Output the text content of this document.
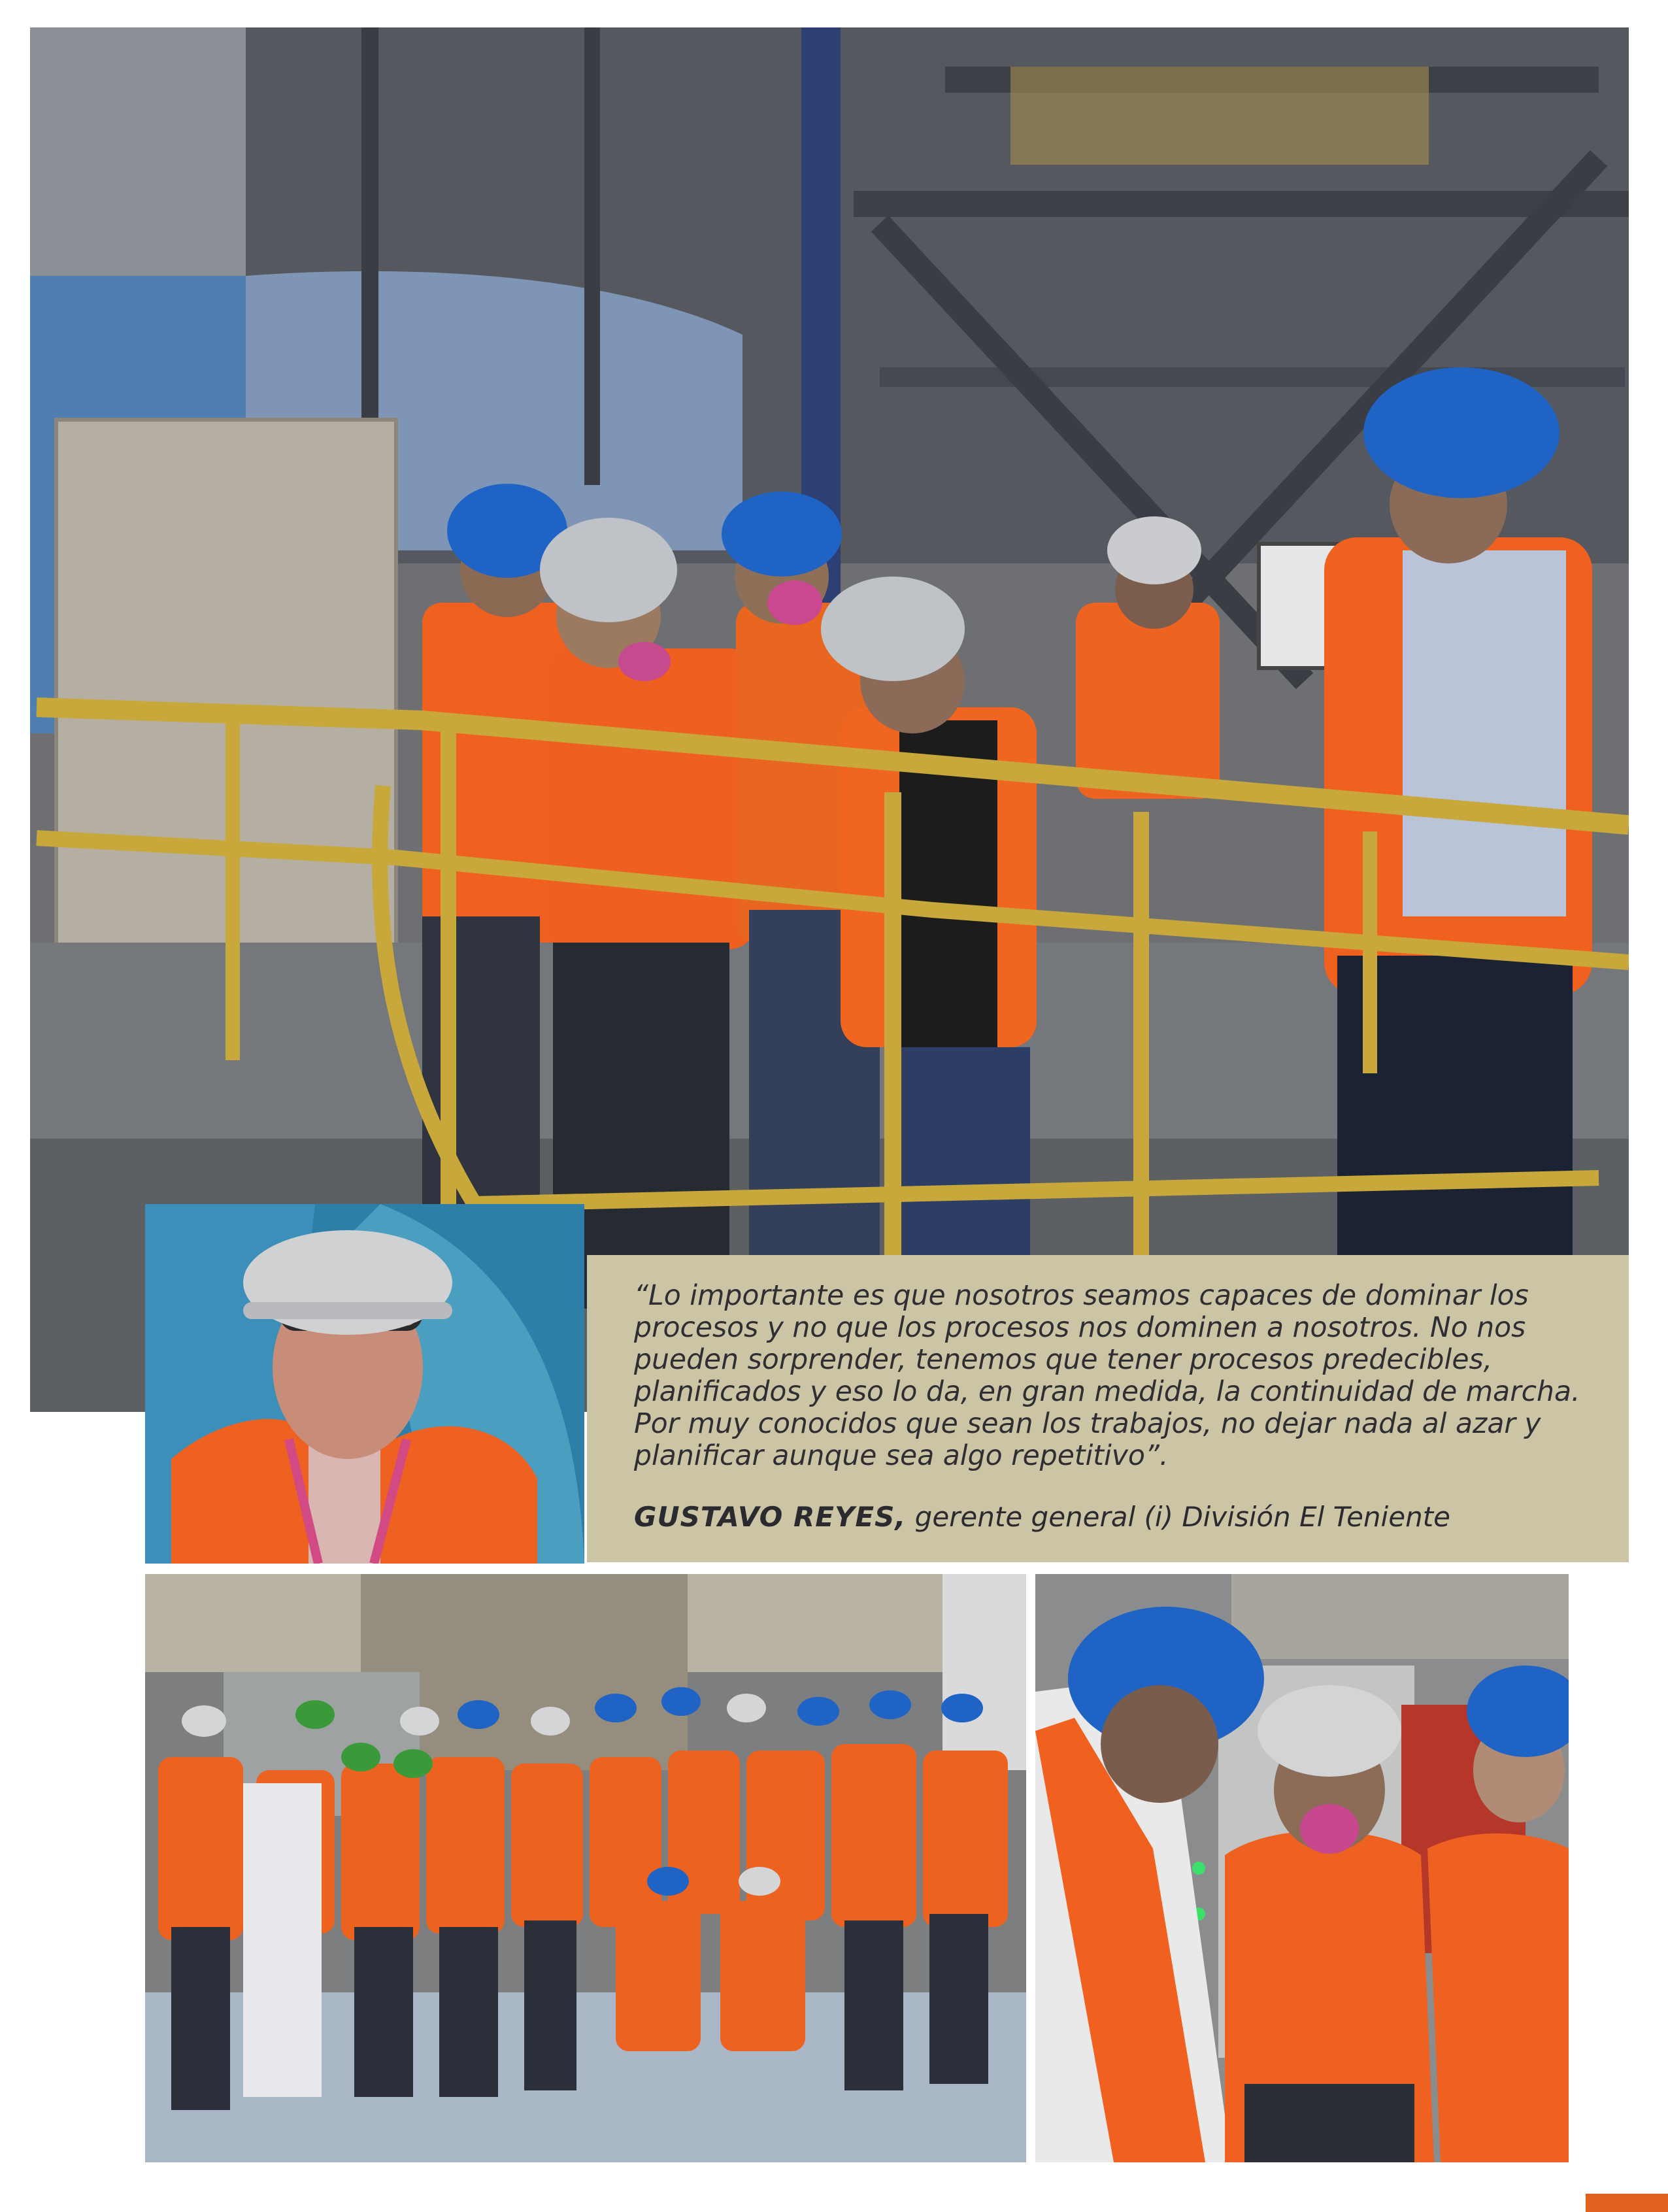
“Lo importante es que nosotros seamos capaces de dominar los procesos y no que los procesos nos dominen a nosotros. No nos pueden sorprender, tenemos que tener procesos predecibles, planificados y eso lo da, en gran medida, la continuidad de marcha. Por muy conocidos que sean los trabajos, no dejar nada al azar y planificar aunque sea algo repetitivo”.

GUSTAVO REYES, gerente general (i) División El Teniente
